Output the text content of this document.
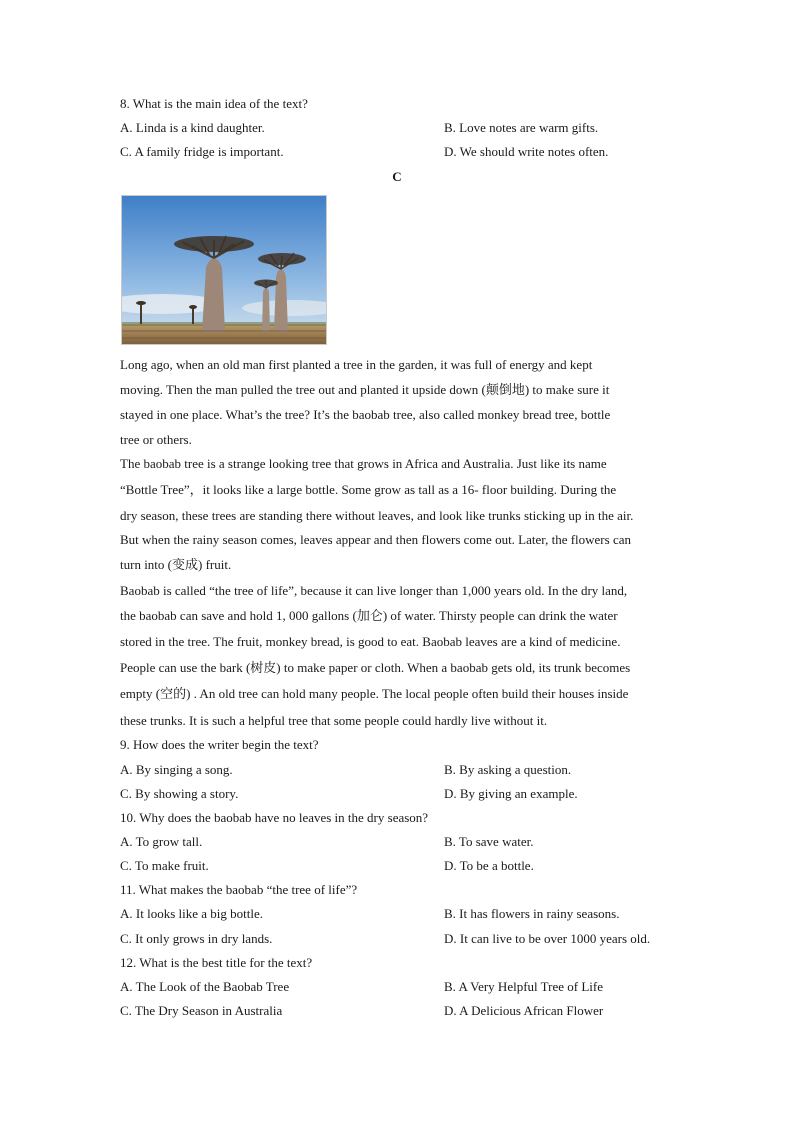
8. What is the main idea of the text?
A. Linda is a kind daughter.	B. Love notes are warm gifts.
C. A family fridge is important.	D. We should write notes often.
C
Long ago, when an old man first planted a tree in the garden, it was full of energy and kept
moving. Then the man pulled the tree out and planted it upside down (颠倒地) to make sure it
stayed in one place. What’s the tree? It’s the baobab tree, also called monkey bread tree, bottle
tree or others.
The baobab tree is a strange looking tree that grows in Africa and Australia. Just like its name
“Bottle Tree”，it looks like a large bottle. Some grow as tall as a 16- floor building. During the
dry season, these trees are standing there without leaves, and look like trunks sticking up in the air.
But when the rainy season comes, leaves appear and then flowers come out. Later, the flowers can
turn into (变成) fruit.
Baobab is called “the tree of life”, because it can live longer than 1,000 years old. In the dry land,
the baobab can save and hold 1, 000 gallons (加仑) of water. Thirsty people can drink the water
stored in the tree. The fruit, monkey bread, is good to eat. Baobab leaves are a kind of medicine.
People can use the bark (树皮) to make paper or cloth. When a baobab gets old, its trunk becomes
empty (空的) . An old tree can hold many people. The local people often build their houses inside
these trunks. It is such a helpful tree that some people could hardly live without it.
9. How does the writer begin the text?
A. By singing a song.	B. By asking a question.
C. By showing a story.	D. By giving an example.
10. Why does the baobab have no leaves in the dry season?
A. To grow tall.	B. To save water.
C. To make fruit.	D. To be a bottle.
11. What makes the baobab “the tree of life”?
A. It looks like a big bottle.	B. It has flowers in rainy seasons.
C. It only grows in dry lands.	D. It can live to be over 1000 years old.
12. What is the best title for the text?
A. The Look of the Baobab Tree	B. A Very Helpful Tree of Life
C. The Dry Season in Australia	D. A Delicious African Flower
